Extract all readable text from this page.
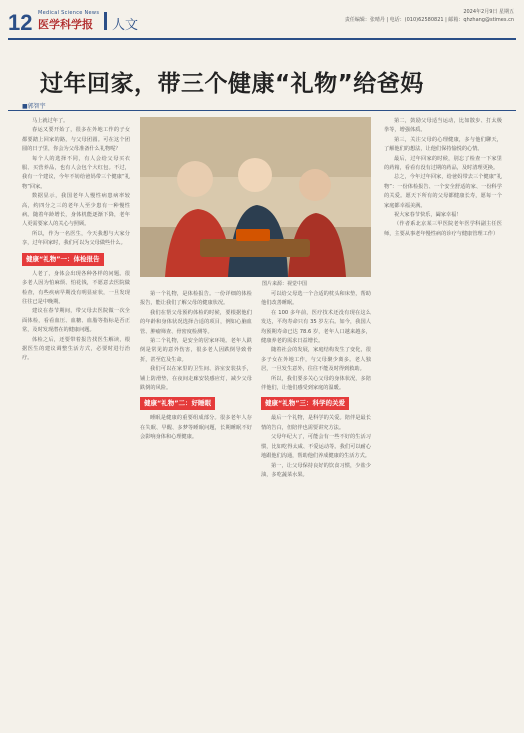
12 Medical Science News
医学科学报	人文
2024年2月9日 星期五
责任编辑：张晴丹 | 电话：(010)62580821 | 邮箱：qhzhang@stimes.cn
过年回家，带三个健康“礼物”给爸妈
■郭智宇

马上就过年了。

春运又要开始了，很多在外地工作的子女都要踏上回家的路，与父母团圆。可在这个团圆的日子里，你会为父母准备什么礼物呢？

每个人的选择不同，有人会给父母买衣服、买营养品，也有人会包个大红包。不过，我有一个建议，今年不妨给爸妈带三个健康“礼物”回家。

数据显示，我国老年人慢性病患病率较高，约四分之三的老年人至少患有一种慢性病。随着年龄增长，身体机能逐渐下降，老年人更需要家人的关心与照顾。

所以，作为一名医生，今天我想与大家分享，过年回家时，我们可以为父母做些什么。

健康“礼物”一：体检报告

人老了，身体会出现各种各样的问题。很多老人因为怕麻烦、怕花钱，不愿意去医院做检查，有些疾病早期没有明显症状，一旦发现往往已是中晚期。

建议在春节期间，带父母去医院做一次全面体检，看看血压、血糖、血脂等指标是否正常，及时发现潜在的健康问题。

体检之后，还要带着报告找医生解读，根据医生的建议调整生活方式，必要时进行治疗。

图片来源：视觉中国

第一个礼物，是体检报告。一份详细的体检报告，能让我们了解父母的健康状况。

我们在帮父母预约体检的时候，要根据他们的年龄和身体状况选择合适的项目，例如心脑血管、肿瘤筛查、骨密度检测等。

第二个礼物，是安全的居家环境。老年人跌倒是常见的意外伤害，很多老人因跌倒导致骨折，甚至危及生命。

我们可以在家里的卫生间、浴室安装扶手，铺上防滑垫，在夜间走廊安装感应灯，减少父母跌倒的风险。

健康“礼物”二：好睡眠

睡眠是健康的重要组成部分。很多老年人存在失眠、早醒、多梦等睡眠问题，长期睡眠不好会影响身体和心理健康。

可以给父母选一个合适的枕头和床垫，帮助他们改善睡眠。

在 100 多年前，医疗技术还没有现在这么发达，平均寿命只有 35 岁左右。如今，我国人均预期寿命已达 78.6 岁，老年人口越来越多，健康养老的需求日益增长。

随着社会的发展，家庭结构发生了变化，很多子女在外地工作，与父母聚少离多。老人独居，一旦发生意外，往往不能及时得到救助。

所以，我们要多关心父母的身体状况，多陪伴他们，让他们感受到家庭的温暖。

健康“礼物”三：科学的关爱

最后一个礼物，是科学的关爱。陪伴是最长情的告白，但陪伴也需要讲究方法。

父母年纪大了，可能会有一些不好的生活习惯，比如吃得太咸、不爱运动等。我们可以耐心地跟他们沟通，帮助他们养成健康的生活方式。

第一，让父母保持良好的饮食习惯，少盐少油，多吃蔬菜水果。

第二，鼓励父母适当运动，比如散步、打太极拳等，增强体质。

第三，关注父母的心理健康，多与他们聊天，了解他们的想法，让他们保持愉悦的心情。

最后，过年回家的时候，别忘了检查一下家里的药箱，看看有没有过期的药品，及时清理更换。

总之，今年过年回家，给爸妈带去三个健康“礼物”：一份体检报告、一个安全舒适的家、一份科学的关爱。愿天下所有的父母都健康长寿，愿每一个家庭都幸福美满。

祝大家春节快乐，阖家幸福！

（作者系北京某三甲医院老年医学科副主任医师，主要从事老年慢性病的诊疗与健康管理工作）
